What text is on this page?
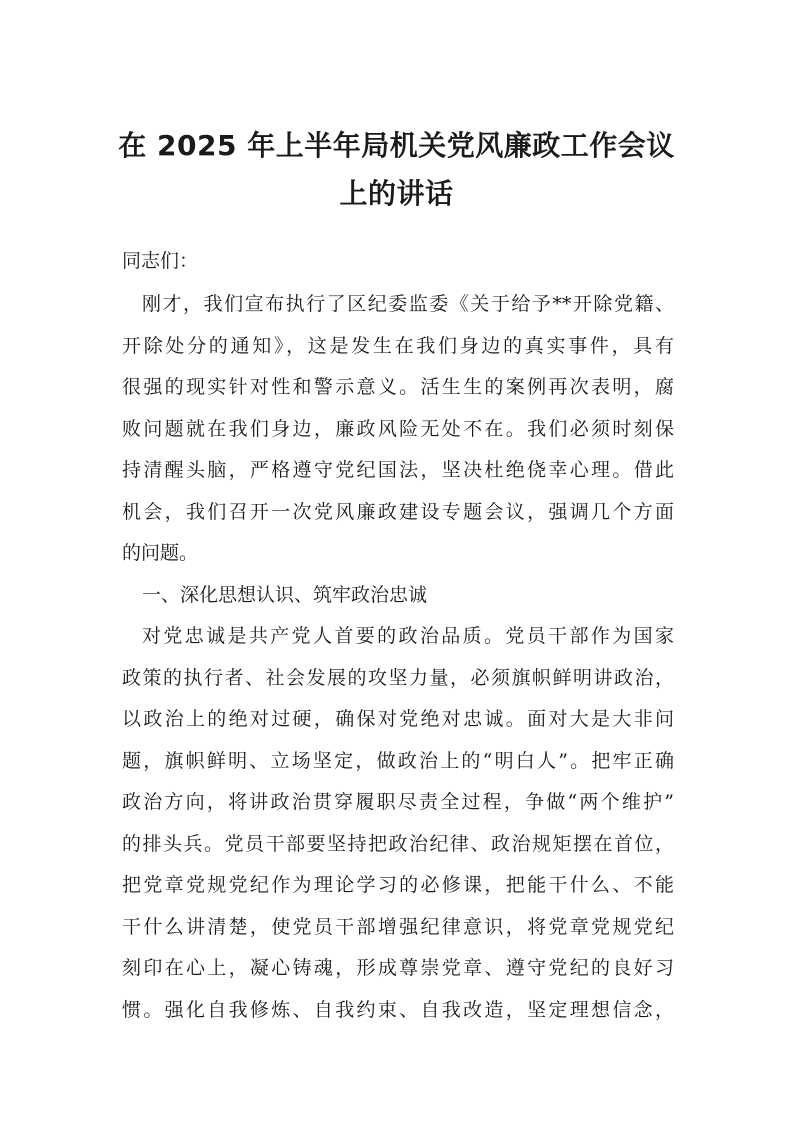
在 2025 年上半年局机关党风廉政工作会议
上的讲话
同志们：
刚才，我们宣布执行了区纪委监委《关于给予**开除党籍、
开除处分的通知》，这是发生在我们身边的真实事件，具有
很强的现实针对性和警示意义。活生生的案例再次表明，腐
败问题就在我们身边，廉政风险无处不在。我们必须时刻保
持清醒头脑，严格遵守党纪国法，坚决杜绝侥幸心理。借此
机会，我们召开一次党风廉政建设专题会议，强调几个方面
的问题。
一、深化思想认识、筑牢政治忠诚
对党忠诚是共产党人首要的政治品质。党员干部作为国家
政策的执行者、社会发展的攻坚力量，必须旗帜鲜明讲政治，
以政治上的绝对过硬，确保对党绝对忠诚。面对大是大非问
题，旗帜鲜明、立场坚定，做政治上的“明白人”。把牢正确
政治方向，将讲政治贯穿履职尽责全过程，争做“两个维护”
的排头兵。党员干部要坚持把政治纪律、政治规矩摆在首位，
把党章党规党纪作为理论学习的必修课，把能干什么、不能
干什么讲清楚，使党员干部增强纪律意识，将党章党规党纪
刻印在心上，凝心铸魂，形成尊崇党章、遵守党纪的良好习
惯。强化自我修炼、自我约束、自我改造，坚定理想信念，
